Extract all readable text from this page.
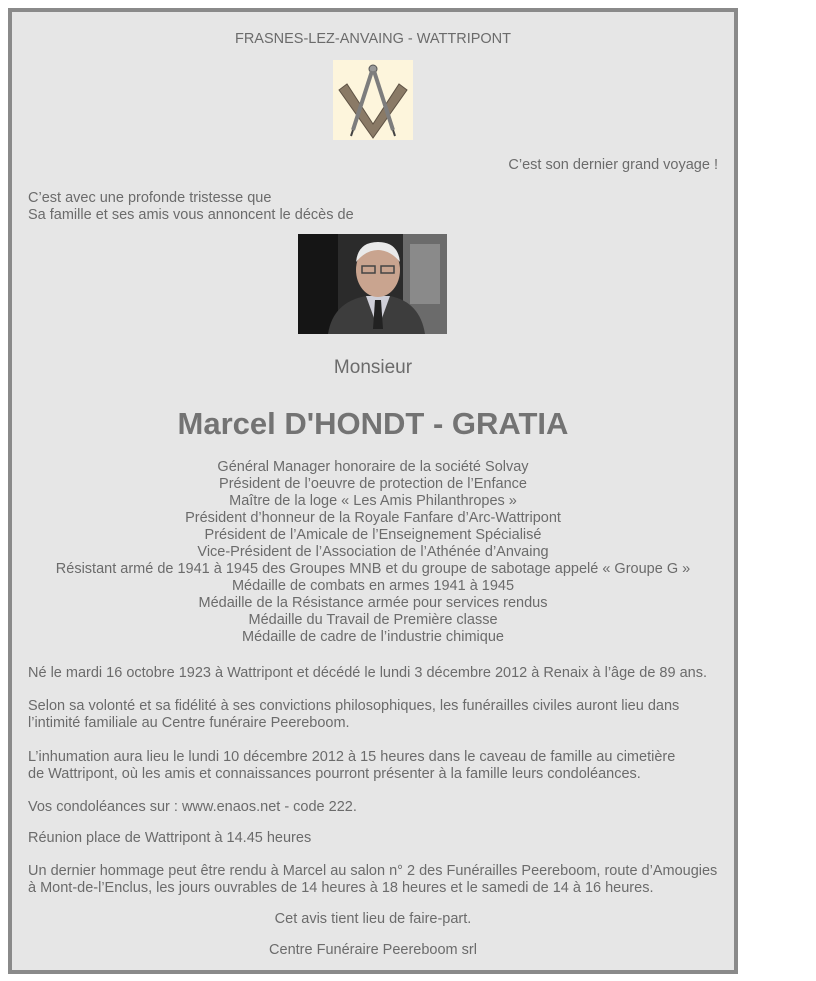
FRASNES-LEZ-ANVAING - WATTRIPONT
C’est son dernier grand voyage !
C’est avec une profonde tristesse que
Sa famille et ses amis vous annoncent le décès de
Monsieur
Marcel D'HONDT - GRATIA
Général Manager honoraire de la société Solvay
Président de l’oeuvre de protection de l’Enfance
Maître de la loge « Les Amis Philanthropes »
Président d’honneur de la Royale Fanfare d’Arc-Wattripont
Président de l’Amicale de l’Enseignement Spécialisé
Vice-Président de l’Association de l’Athénée d’Anvaing
Résistant armé de 1941 à 1945 des Groupes MNB et du groupe de sabotage appelé « Groupe G »
Médaille de combats en armes 1941 à 1945
Médaille de la Résistance armée pour services rendus
Médaille du Travail de Première classe
Médaille de cadre de l’industrie chimique
Né le mardi 16 octobre 1923 à Wattripont et décédé le lundi 3 décembre 2012 à Renaix à l’âge de 89 ans.
Selon sa volonté et sa fidélité à ses convictions philosophiques, les funérailles civiles auront lieu dans
l’intimité familiale au Centre funéraire Peereboom.
L’inhumation aura lieu le lundi 10 décembre 2012 à 15 heures dans le caveau de famille au cimetière
de Wattripont, où les amis et connaissances pourront présenter à la famille leurs condoléances.
Vos condoléances sur : www.enaos.net - code 222.
Réunion place de Wattripont à 14.45 heures
Un dernier hommage peut être rendu à Marcel au salon n° 2 des Funérailles Peereboom, route d’Amougies
à Mont-de-l’Enclus, les jours ouvrables de 14 heures à 18 heures et le samedi de 14 à 16 heures.
Cet avis tient lieu de faire-part.
Centre Funéraire Peereboom srl
